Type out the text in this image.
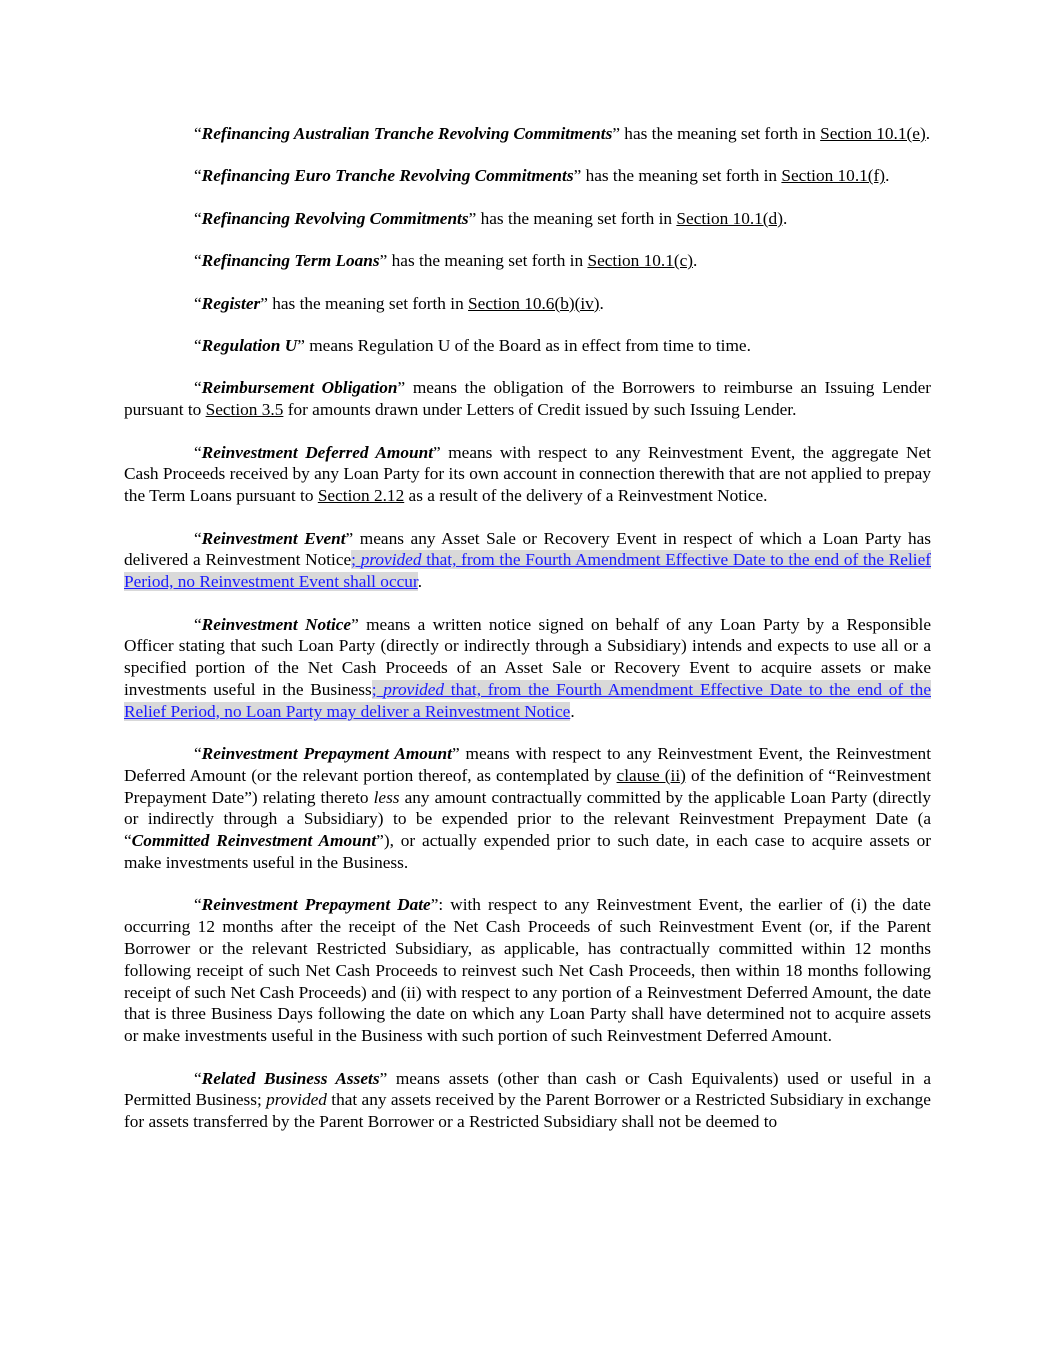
“Refinancing Australian Tranche Revolving Commitments” has the meaning set forth in Section 10.1(e).

“Refinancing Euro Tranche Revolving Commitments” has the meaning set forth in Section 10.1(f).

“Refinancing Revolving Commitments” has the meaning set forth in Section 10.1(d).

“Refinancing Term Loans” has the meaning set forth in Section 10.1(c).

“Register” has the meaning set forth in Section 10.6(b)(iv).

“Regulation U” means Regulation U of the Board as in effect from time to time.

“Reimbursement Obligation” means the obligation of the Borrowers to reimburse an Issuing Lender pursuant to Section 3.5 for amounts drawn under Letters of Credit issued by such Issuing Lender.

“Reinvestment Deferred Amount” means with respect to any Reinvestment Event, the aggregate Net Cash Proceeds received by any Loan Party for its own account in connection therewith that are not applied to prepay the Term Loans pursuant to Section 2.12 as a result of the delivery of a Reinvestment Notice.

“Reinvestment Event” means any Asset Sale or Recovery Event in respect of which a Loan Party has delivered a Reinvestment Notice; provided that, from the Fourth Amendment Effective Date to the end of the Relief Period, no Reinvestment Event shall occur.

“Reinvestment Notice” means a written notice signed on behalf of any Loan Party by a Responsible Officer stating that such Loan Party (directly or indirectly through a Subsidiary) intends and expects to use all or a specified portion of the Net Cash Proceeds of an Asset Sale or Recovery Event to acquire assets or make investments useful in the Business; provided that, from the Fourth Amendment Effective Date to the end of the Relief Period, no Loan Party may deliver a Reinvestment Notice.

“Reinvestment Prepayment Amount” means with respect to any Reinvestment Event, the Reinvestment Deferred Amount (or the relevant portion thereof, as contemplated by clause (ii) of the definition of “Reinvestment Prepayment Date”) relating thereto less any amount contractually committed by the applicable Loan Party (directly or indirectly through a Subsidiary) to be expended prior to the relevant Reinvestment Prepayment Date (a “Committed Reinvestment Amount”), or actually expended prior to such date, in each case to acquire assets or make investments useful in the Business.

“Reinvestment Prepayment Date”: with respect to any Reinvestment Event, the earlier of (i) the date occurring 12 months after the receipt of the Net Cash Proceeds of such Reinvestment Event (or, if the Parent Borrower or the relevant Restricted Subsidiary, as applicable, has contractually committed within 12 months following receipt of such Net Cash Proceeds to reinvest such Net Cash Proceeds, then within 18 months following receipt of such Net Cash Proceeds) and (ii) with respect to any portion of a Reinvestment Deferred Amount, the date that is three Business Days following the date on which any Loan Party shall have determined not to acquire assets or make investments useful in the Business with such portion of such Reinvestment Deferred Amount.

“Related Business Assets” means assets (other than cash or Cash Equivalents) used or useful in a Permitted Business; provided that any assets received by the Parent Borrower or a Restricted Subsidiary in exchange for assets transferred by the Parent Borrower or a Restricted Subsidiary shall not be deemed to
